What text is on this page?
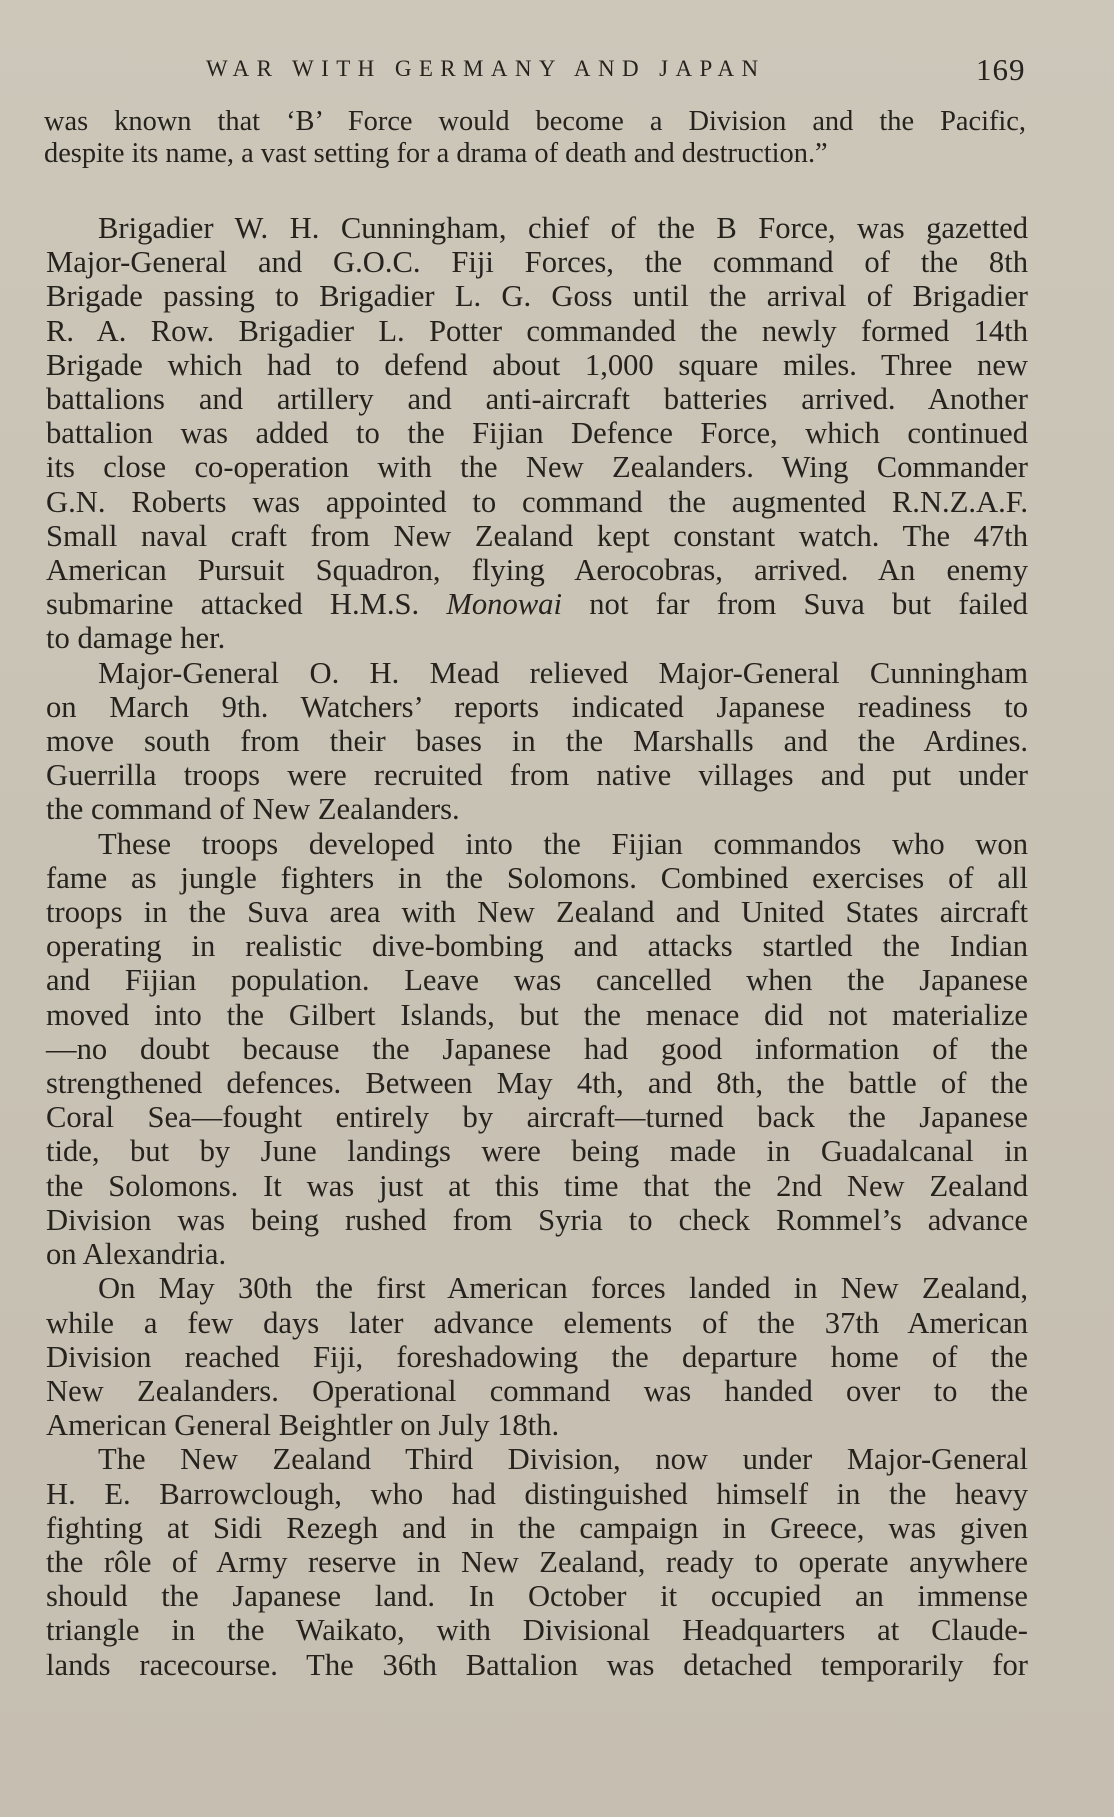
WAR WITH GERMANY AND JAPAN	169
was known that ‘B’ Force would become a Division and the Pacific,
despite its name, a vast setting for a drama of death and destruction.”
Brigadier W. H. Cunningham, chief of the B Force, was gazetted
Major-General and G.O.C. Fiji Forces, the command of the 8th
Brigade passing to Brigadier L. G. Goss until the arrival of Brigadier
R. A. Row. Brigadier L. Potter commanded the newly formed 14th
Brigade which had to defend about 1,000 square miles. Three new
battalions and artillery and anti-aircraft batteries arrived. Another
battalion was added to the Fijian Defence Force, which continued
its close co-operation with the New Zealanders. Wing Commander
G.N. Roberts was appointed to command the augmented R.N.Z.A.F.
Small naval craft from New Zealand kept constant watch. The 47th
American Pursuit Squadron, flying Aerocobras, arrived. An enemy
submarine attacked H.M.S. Monowai not far from Suva but failed
to damage her.
Major-General O. H. Mead relieved Major-General Cunningham
on March 9th. Watchers’ reports indicated Japanese readiness to
move south from their bases in the Marshalls and the Ardines.
Guerrilla troops were recruited from native villages and put under
the command of New Zealanders.
These troops developed into the Fijian commandos who won
fame as jungle fighters in the Solomons. Combined exercises of all
troops in the Suva area with New Zealand and United States aircraft
operating in realistic dive-bombing and attacks startled the Indian
and Fijian population. Leave was cancelled when the Japanese
moved into the Gilbert Islands, but the menace did not materialize
—no doubt because the Japanese had good information of the
strengthened defences. Between May 4th, and 8th, the battle of the
Coral Sea—fought entirely by aircraft—turned back the Japanese
tide, but by June landings were being made in Guadalcanal in
the Solomons. It was just at this time that the 2nd New Zealand
Division was being rushed from Syria to check Rommel’s advance
on Alexandria.
On May 30th the first American forces landed in New Zealand,
while a few days later advance elements of the 37th American
Division reached Fiji, foreshadowing the departure home of the
New Zealanders. Operational command was handed over to the
American General Beightler on July 18th.
The New Zealand Third Division, now under Major-General
H. E. Barrowclough, who had distinguished himself in the heavy
fighting at Sidi Rezegh and in the campaign in Greece, was given
the rôle of Army reserve in New Zealand, ready to operate anywhere
should the Japanese land. In October it occupied an immense
triangle in the Waikato, with Divisional Headquarters at Claude-
lands racecourse. The 36th Battalion was detached temporarily for
